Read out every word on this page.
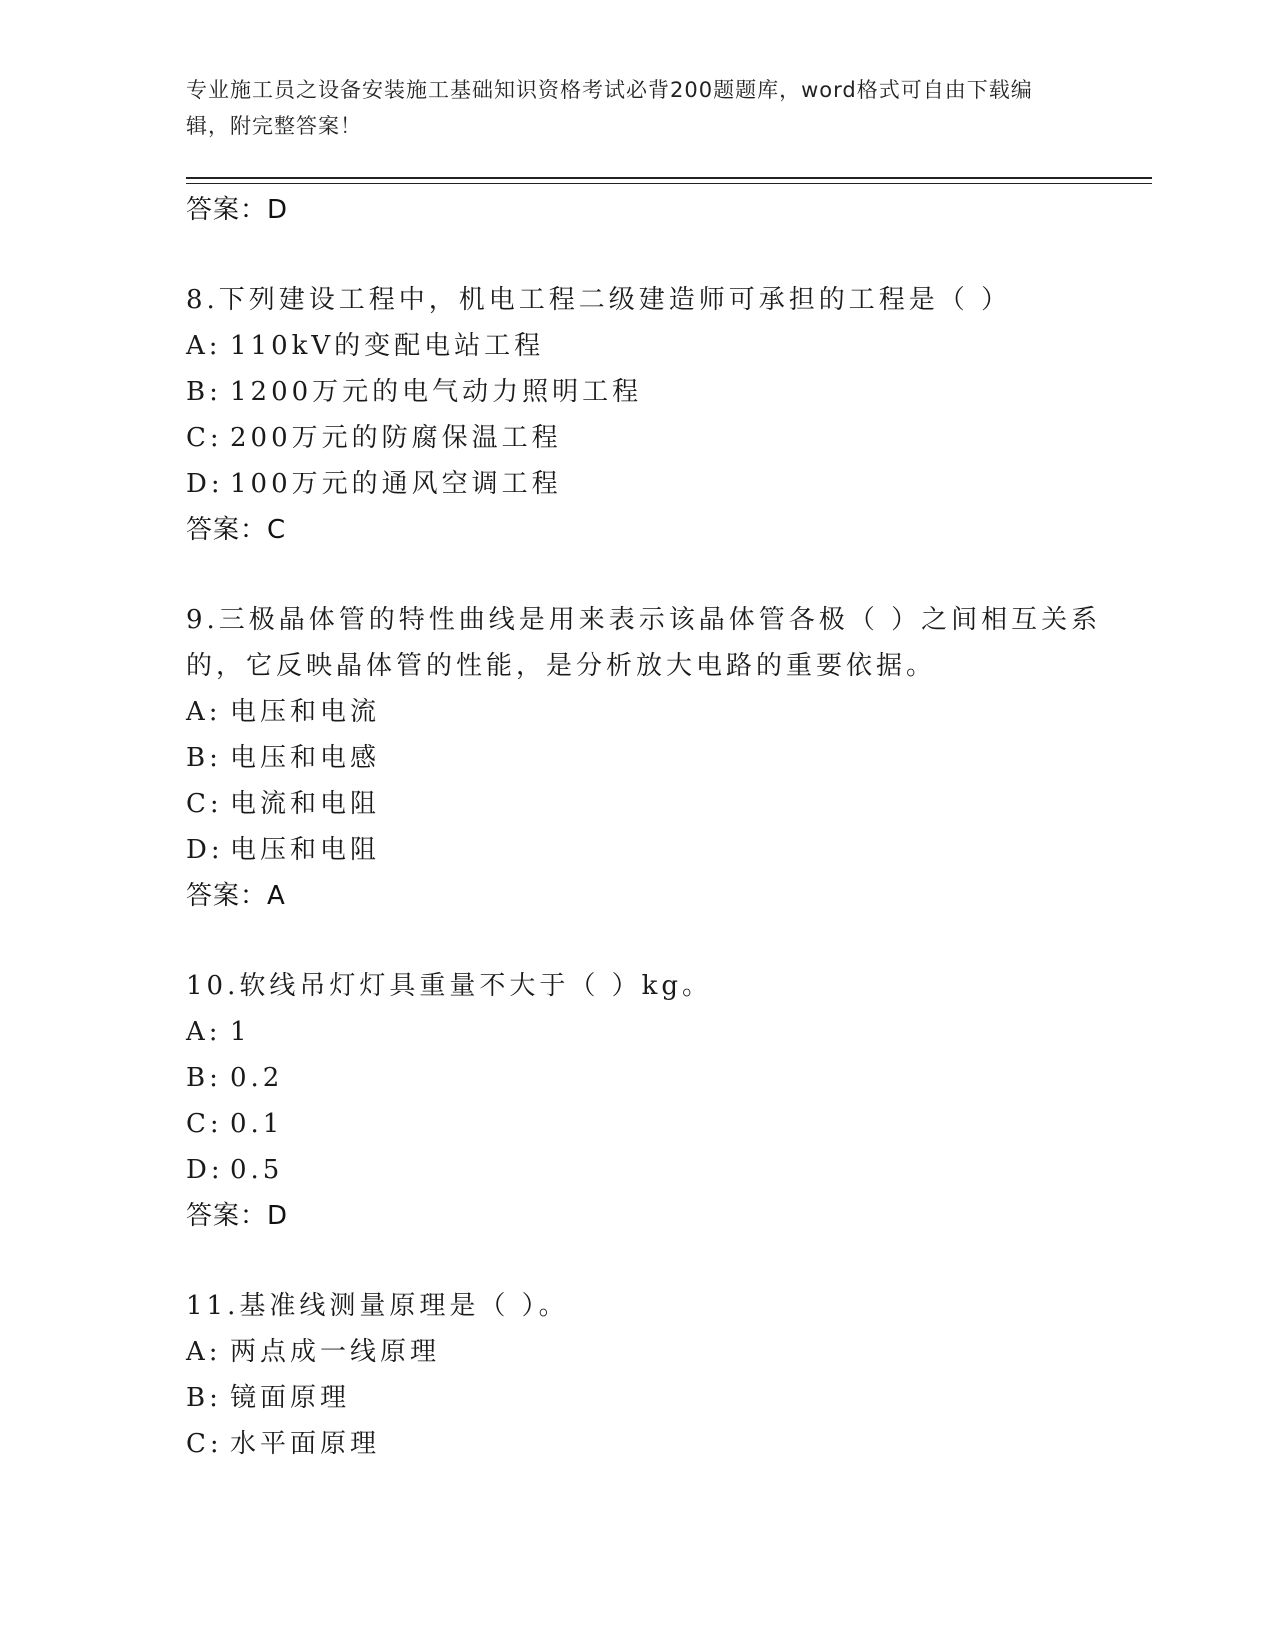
专业施工员之设备安装施工基础知识资格考试必背200题题库，word格式可自由下载编辑，附完整答案！
答案：D
8.下列建设工程中，机电工程二级建造师可承担的工程是（ ）
A: 110kV的变配电站工程
B: 1200万元的电气动力照明工程
C: 200万元的防腐保温工程
D: 100万元的通风空调工程
答案：C
9.三极晶体管的特性曲线是用来表示该晶体管各极（ ）之间相互关系的，它反映晶体管的性能，是分析放大电路的重要依据。
A: 电压和电流
B: 电压和电感
C: 电流和电阻
D: 电压和电阻
答案：A
10.软线吊灯灯具重量不大于（ ）kg。
A: 1
B: 0.2
C: 0.1
D: 0.5
答案：D
11.基准线测量原理是（ ）。
A: 两点成一线原理
B: 镜面原理
C: 水平面原理
